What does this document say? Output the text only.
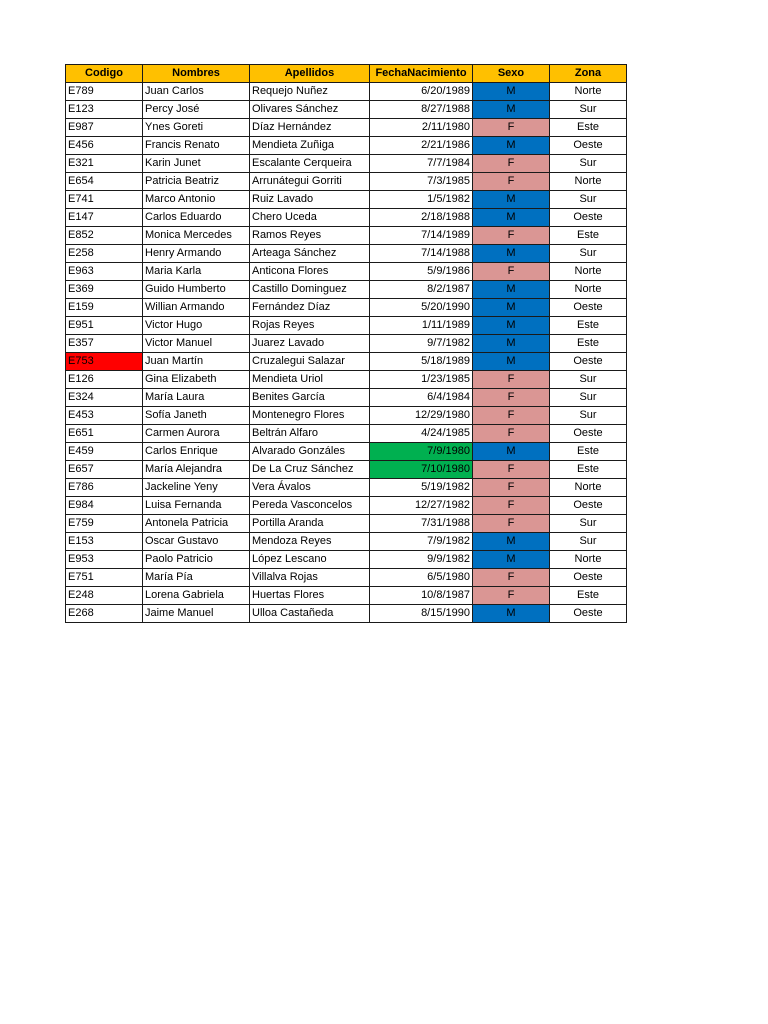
Codigo	Nombres	Apellidos	FechaNacimiento	Sexo	Zona
E789	Juan Carlos	Requejo Nuñez	6/20/1989	M	Norte
E123	Percy José	Olivares Sánchez	8/27/1988	M	Sur
E987	Ynes Goreti	Díaz Hernández	2/11/1980	F	Este
E456	Francis Renato	Mendieta Zuñiga	2/21/1986	M	Oeste
E321	Karin Junet	Escalante Cerqueira	7/7/1984	F	Sur
E654	Patricia Beatriz	Arrunátegui Gorriti	7/3/1985	F	Norte
E741	Marco Antonio	Ruiz Lavado	1/5/1982	M	Sur
E147	Carlos Eduardo	Chero Uceda	2/18/1988	M	Oeste
E852	Monica Mercedes	Ramos Reyes	7/14/1989	F	Este
E258	Henry Armando	Arteaga Sánchez	7/14/1988	M	Sur
E963	Maria Karla	Anticona Flores	5/9/1986	F	Norte
E369	Guido Humberto	Castillo Dominguez	8/2/1987	M	Norte
E159	Willian Armando	Fernández Díaz	5/20/1990	M	Oeste
E951	Victor Hugo	Rojas Reyes	1/11/1989	M	Este
E357	Victor Manuel	Juarez Lavado	9/7/1982	M	Este
E753	Juan Martín	Cruzalegui Salazar	5/18/1989	M	Oeste
E126	Gina Elizabeth	Mendieta Uriol	1/23/1985	F	Sur
E324	María Laura	Benites García	6/4/1984	F	Sur
E453	Sofía Janeth	Montenegro Flores	12/29/1980	F	Sur
E651	Carmen Aurora	Beltrán Alfaro	4/24/1985	F	Oeste
E459	Carlos Enrique	Alvarado Gonzáles	7/9/1980	M	Este
E657	María Alejandra	De La Cruz Sánchez	7/10/1980	F	Este
E786	Jackeline Yeny	Vera Ávalos	5/19/1982	F	Norte
E984	Luisa Fernanda	Pereda Vasconcelos	12/27/1982	F	Oeste
E759	Antonela Patricia	Portilla Aranda	7/31/1988	F	Sur
E153	Oscar Gustavo	Mendoza Reyes	7/9/1982	M	Sur
E953	Paolo Patricio	López Lescano	9/9/1982	M	Norte
E751	María Pía	Villalva Rojas	6/5/1980	F	Oeste
E248	Lorena Gabriela	Huertas Flores	10/8/1987	F	Este
E268	Jaime Manuel	Ulloa Castañeda	8/15/1990	M	Oeste
